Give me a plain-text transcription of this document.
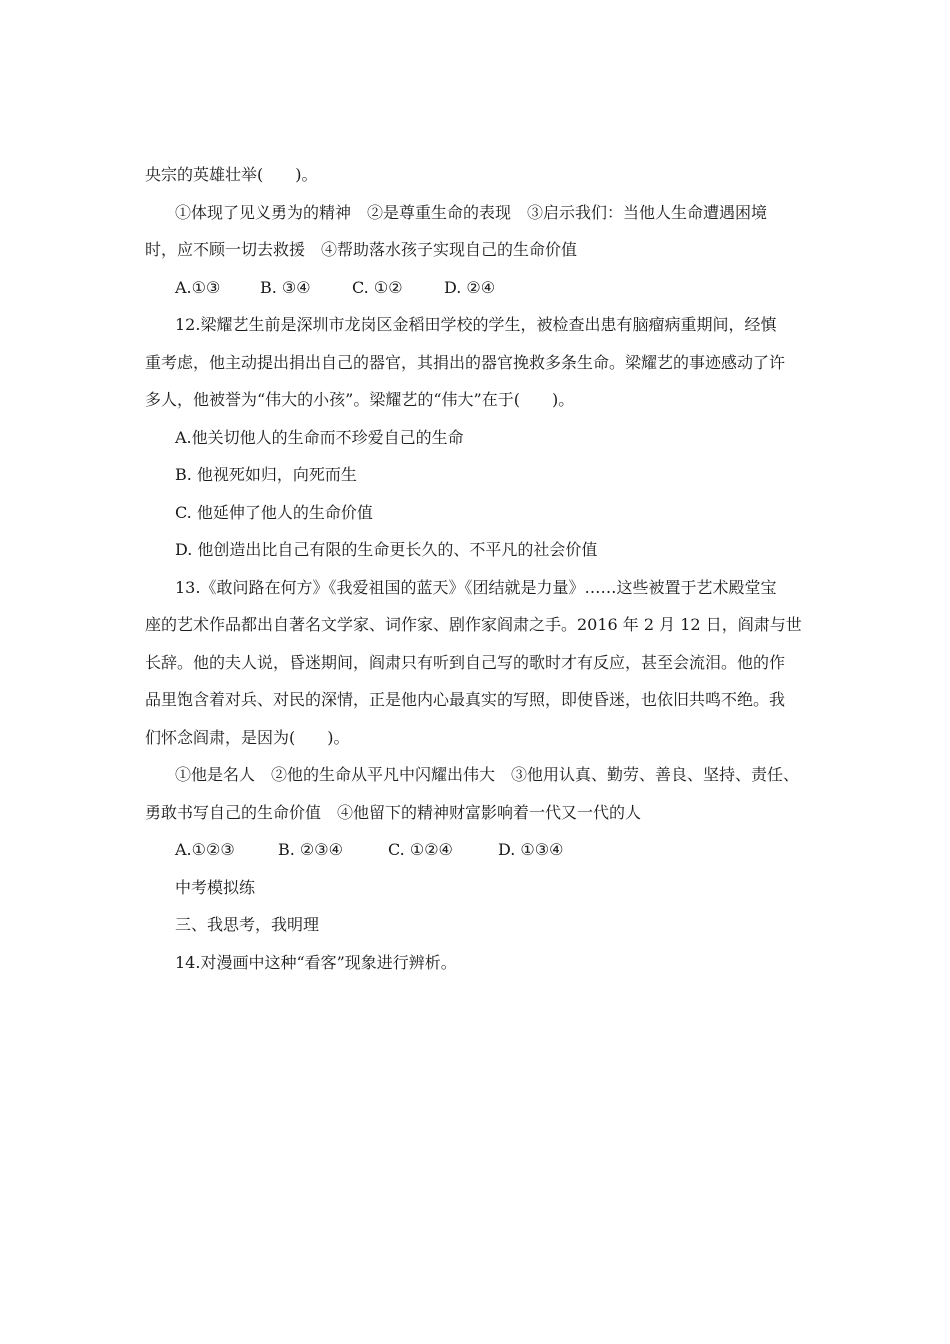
央宗的英雄壮举(　　)。
①体现了见义勇为的精神　②是尊重生命的表现　③启示我们：当他人生命遭遇困境
时，应不顾一切去救援　④帮助落水孩子实现自己的生命价值
A.①③	B. ③④	C. ①②	D. ②④
12.梁耀艺生前是深圳市龙岗区金稻田学校的学生，被检查出患有脑瘤病重期间，经慎
重考虑，他主动提出捐出自己的器官，其捐出的器官挽救多条生命。梁耀艺的事迹感动了许
多人，他被誉为“伟大的小孩”。梁耀艺的“伟大”在于(　　)。
A.他关切他人的生命而不珍爱自己的生命
B. 他视死如归，向死而生
C. 他延伸了他人的生命价值
D. 他创造出比自己有限的生命更长久的、不平凡的社会价值
13.《敢问路在何方》《我爱祖国的蓝天》《团结就是力量》……这些被置于艺术殿堂宝
座的艺术作品都出自著名文学家、词作家、剧作家阎肃之手。2016 年 2 月 12 日，阎肃与世
长辞。他的夫人说，昏迷期间，阎肃只有听到自己写的歌时才有反应，甚至会流泪。他的作
品里饱含着对兵、对民的深情，正是他内心最真实的写照，即使昏迷，也依旧共鸣不绝。我
们怀念阎肃，是因为(　　)。
①他是名人　②他的生命从平凡中闪耀出伟大　③他用认真、勤劳、善良、坚持、责任、
勇敢书写自己的生命价值　④他留下的精神财富影响着一代又一代的人
A.①②③	B. ②③④	C. ①②④	D. ①③④
中考模拟练
三、我思考，我明理
14.对漫画中这种“看客”现象进行辨析。
